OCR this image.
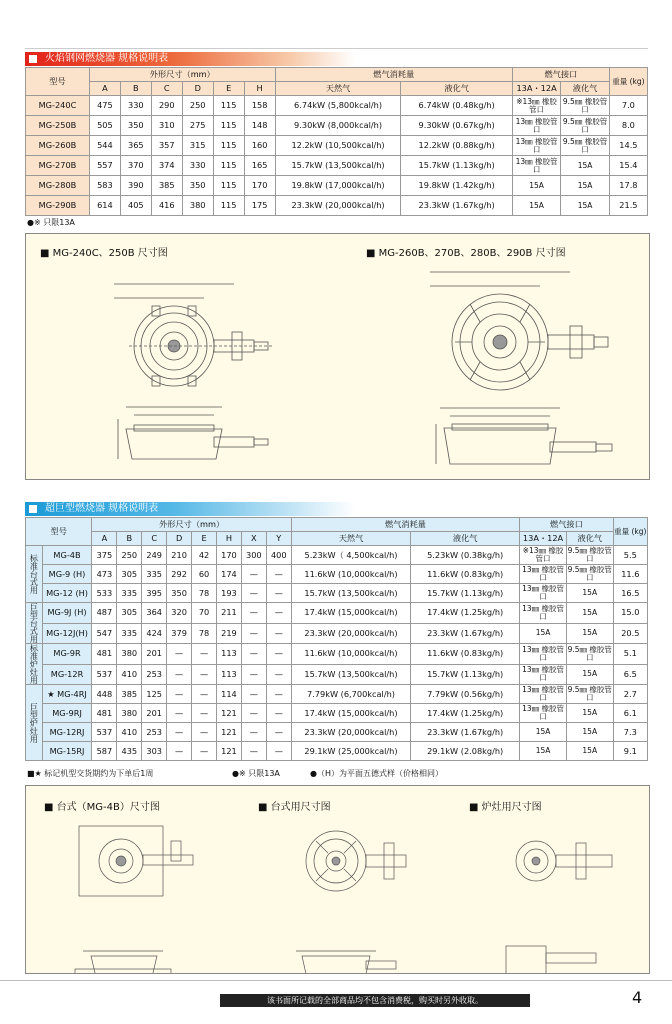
火焰钢网燃烧器 规格说明表
型号	外形尺寸（mm）						燃气消耗量		燃气接口		重量 (kg)
	A	B	C	D	E	H	天然气	液化气	13A・12A	液化气	
MG-240C	475	330	290	250	115	158	6.74kW (5,800kcal/h)	6.74kW (0.48kg/h)	※13㎜ 橡胶管口	9.5㎜ 橡胶管口	7.0
MG-250B	505	350	310	275	115	148	9.30kW (8,000kcal/h)	9.30kW (0.67kg/h)	13㎜ 橡胶管口	9.5㎜ 橡胶管口	8.0
MG-260B	544	365	357	315	115	160	12.2kW (10,500kcal/h)	12.2kW (0.88kg/h)	13㎜ 橡胶管口	9.5㎜ 橡胶管口	14.5
MG-270B	557	370	374	330	115	165	15.7kW (13,500kcal/h)	15.7kW (1.13kg/h)	13㎜ 橡胶管口	15A	15.4
MG-280B	583	390	385	350	115	170	19.8kW (17,000kcal/h)	19.8kW (1.42kg/h)	15A	15A	17.8
MG-290B	614	405	416	380	115	175	23.3kW (20,000kcal/h)	23.3kW (1.67kg/h)	15A	15A	21.5
●※ 只限13A
■ MG-240C、250B 尺寸图	■ MG-260B、270B、280B、290B 尺寸图
超巨型燃烧器 规格说明表
型号		外形尺寸（mm）								燃气消耗量		燃气接口		重量 (kg)
		A	B	C	D	E	H	X	Y	天然气	液化气	13A・12A	液化气	
标准台式用	MG-4B	375	250	249	210	42	170	300	400	5.23kW（ 4,500kcal/h)	5.23kW (0.38kg/h)	※13㎜ 橡胶管口	9.5㎜ 橡胶管口	5.5
	MG-9 (H)	473	305	335	292	60	174	—	—	11.6kW (10,000kcal/h)	11.6kW (0.83kg/h)	13㎜ 橡胶管口	9.5㎜ 橡胶管口	11.6
	MG-12 (H)	533	335	395	350	78	193	—	—	15.7kW (13,500kcal/h)	15.7kW (1.13kg/h)	13㎜ 橡胶管口	15A	16.5
巨型台式用	MG-9J (H)	487	305	364	320	70	211	—	—	17.4kW (15,000kcal/h)	17.4kW (1.25kg/h)	13㎜ 橡胶管口	15A	15.0
	MG-12J(H)	547	335	424	379	78	219	—	—	23.3kW (20,000kcal/h)	23.3kW (1.67kg/h)	15A	15A	20.5
标准炉灶用	MG-9R	481	380	201	—	—	113	—	—	11.6kW (10,000kcal/h)	11.6kW (0.83kg/h)	13㎜ 橡胶管口	9.5㎜ 橡胶管口	5.1
	MG-12R	537	410	253	—	—	113	—	—	15.7kW (13,500kcal/h)	15.7kW (1.13kg/h)	13㎜ 橡胶管口	15A	6.5
巨型炉灶用	★ MG-4RJ	448	385	125	—	—	114	—	—	7.79kW (6,700kcal/h)	7.79kW (0.56kg/h)	13㎜ 橡胶管口	9.5㎜ 橡胶管口	2.7
	MG-9RJ	481	380	201	—	—	121	—	—	17.4kW (15,000kcal/h)	17.4kW (1.25kg/h)	13㎜ 橡胶管口	15A	6.1
	MG-12RJ	537	410	253	—	—	121	—	—	23.3kW (20,000kcal/h)	23.3kW (1.67kg/h)	15A	15A	7.3
	MG-15RJ	587	435	303	—	—	121	—	—	29.1kW (25,000kcal/h)	29.1kW (2.08kg/h)	15A	15A	9.1
■★ 标记机型交货期约为下单后1周	●※ 只限13A	●（H）为平面五德式样（价格相同）
■ 台式（MG-4B）尺寸图	■ 台式用尺寸图	■ 炉灶用尺寸图
该书面所记载的全部商品均不包含消费税，购买时另外收取。	4
